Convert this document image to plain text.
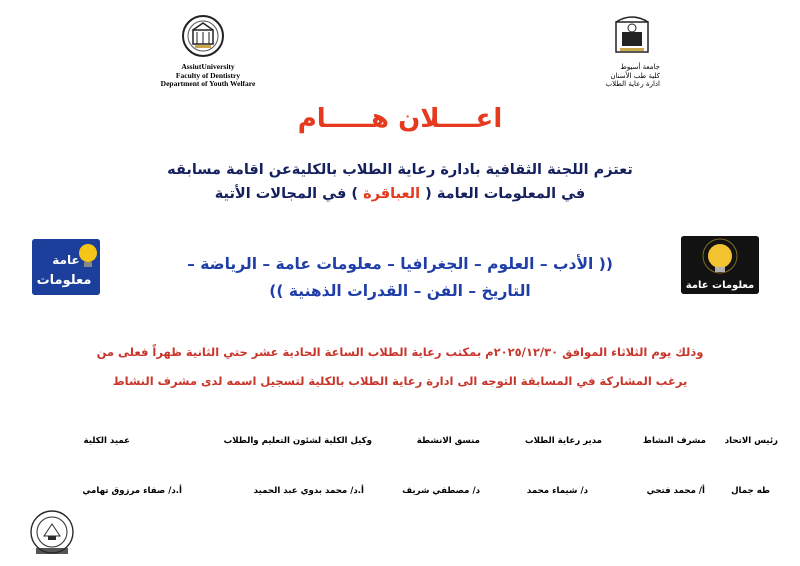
AssiutUniversity
Faculty of Dentistry
Department of Youth Welfare
جامعة أسيوط
كلية طب الأسنان
ادارة رعاية الطلاب
اعــــلان هـــــام
تعتزم اللجنة الثقافية بادارة رعاية الطلاب بالكليةعن اقامة مسابقه
في المعلومات العامة ( العباقرة ) في المجالات الأتية
عامة
معلومات	معلومات عامة
(( الأدب – العلوم – الجغرافيا – معلومات عامة – الرياضة –
التاريخ – الفن – القدرات الذهنية ))
وذلك يوم الثلاثاء الموافق ٢٠٢٥/١٢/٣٠م بمكتب رعاية الطلاب الساعة الحادية عشر حتي الثانية ظهراً فعلى من
يرغب المشاركة في المسابقة التوجه الى ادارة رعاية الطلاب بالكلية لتسجيل اسمه لدى مشرف النشاط
رئيس الاتحاد
مشرف النشاط
مدير رعاية الطلاب
منسق الانشطة
وكيل الكلية لشئون التعليم والطلاب
عميد الكلية
طه جمال
أ/ محمد فتحي
د/ شيماء محمد
د/ مصطفي شريف
أ.د/ محمد بدوي عبد الحميد
أ.د/ صفاء مرزوق تهامي
